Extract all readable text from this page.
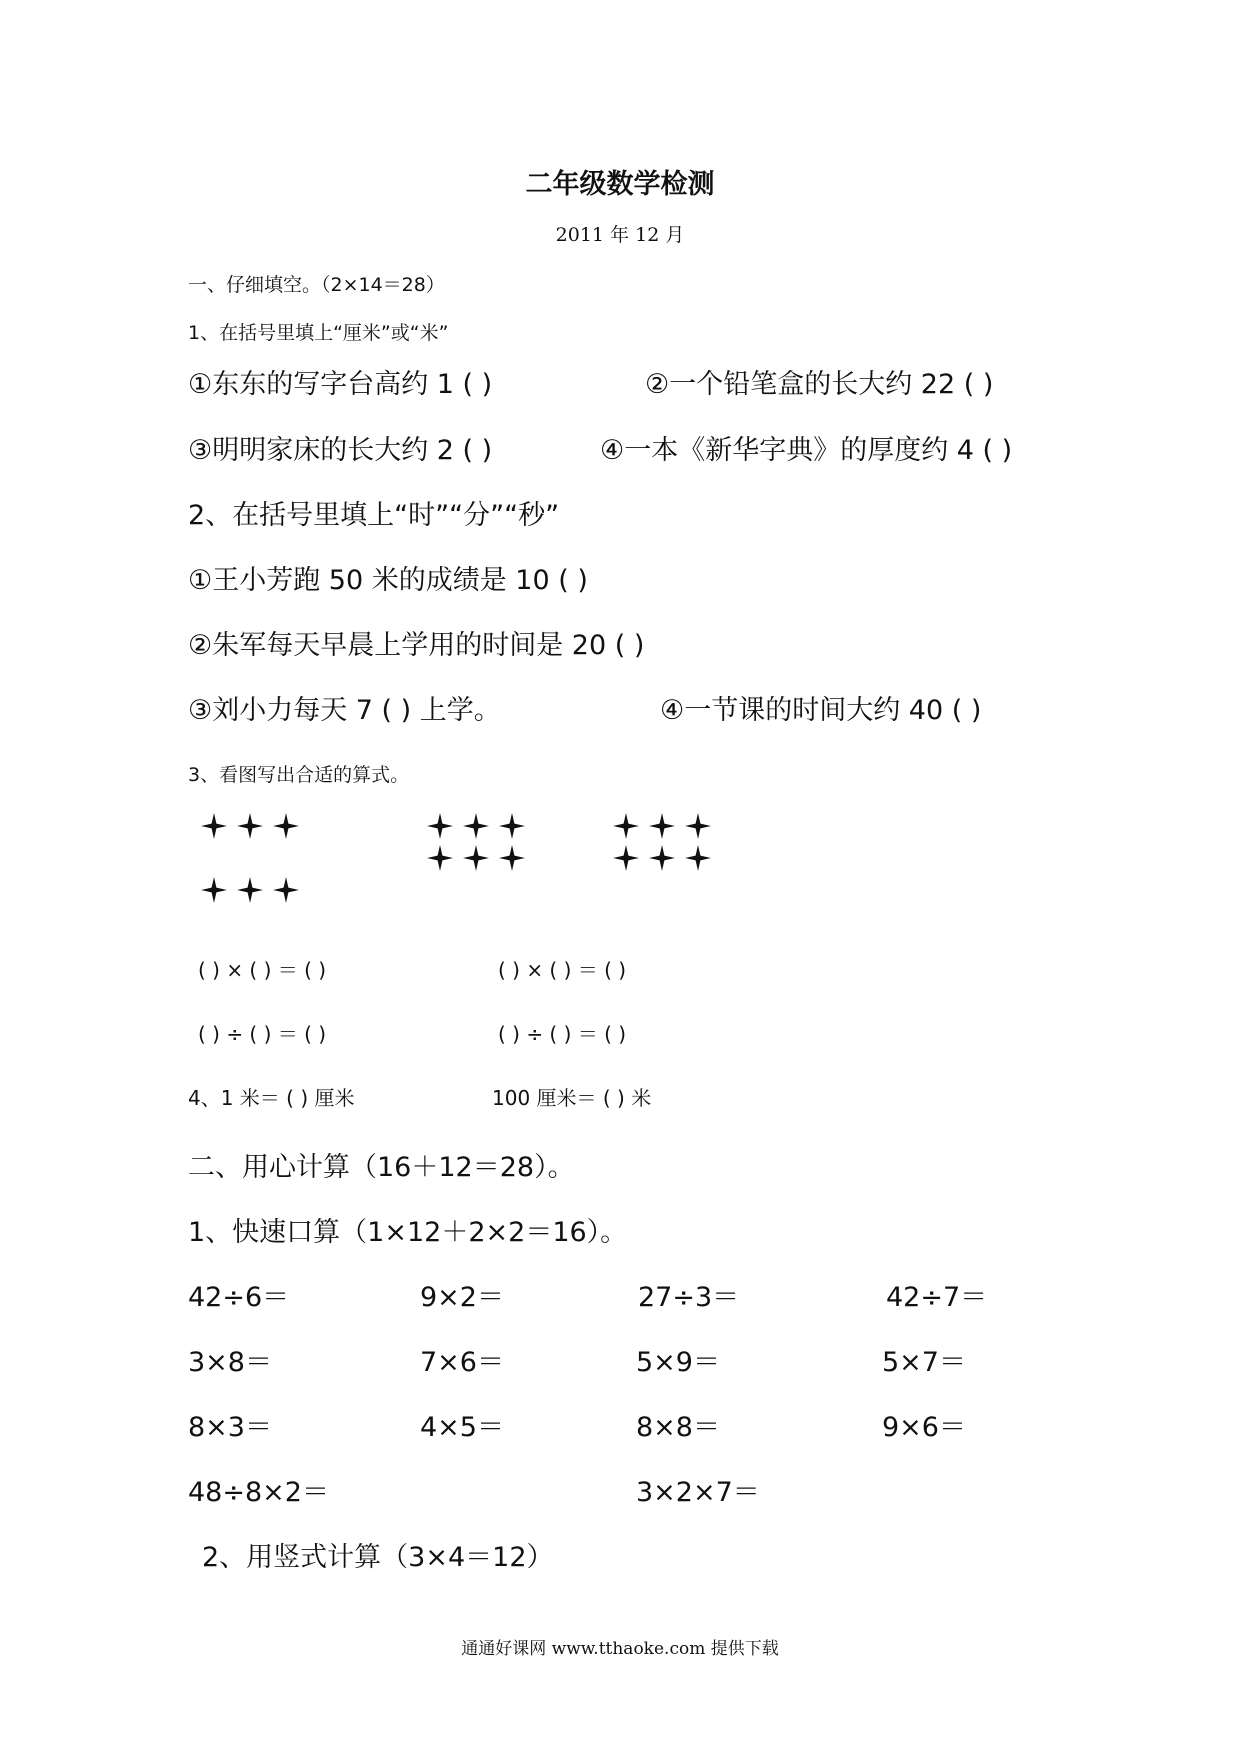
二年级数学检测
2011 年 12 月
一、仔细填空。（2×14＝28）
1、在括号里填上“厘米”或“米”
①东东的写字台高约 1 ( )	②一个铅笔盒的长大约 22 ( )
③明明家床的长大约 2 ( )	④一本《新华字典》的厚度约 4 ( )
2、在括号里填上“时”“分”“秒”
①王小芳跑 50 米的成绩是 10 ( )
②朱军每天早晨上学用的时间是 20 ( )
③刘小力每天 7 ( ) 上学。	④一节课的时间大约 40 ( )
3、看图写出合适的算式。
( ) × ( ) ＝ ( )	( ) × ( ) ＝ ( )
( ) ÷ ( ) ＝ ( )	( ) ÷ ( ) ＝ ( )
4、1 米＝ ( ) 厘米	100 厘米＝ ( ) 米
二、用心计算（16＋12＝28）。
1、快速口算（1×12＋2×2＝16）。
42÷6＝	9×2＝	27÷3＝	42÷7＝
3×8＝	7×6＝	5×9＝	5×7＝
8×3＝	4×5＝	8×8＝	9×6＝
48÷8×2＝	3×2×7＝
2、用竖式计算（3×4＝12）
通通好课网 www.tthaoke.com 提供下载
